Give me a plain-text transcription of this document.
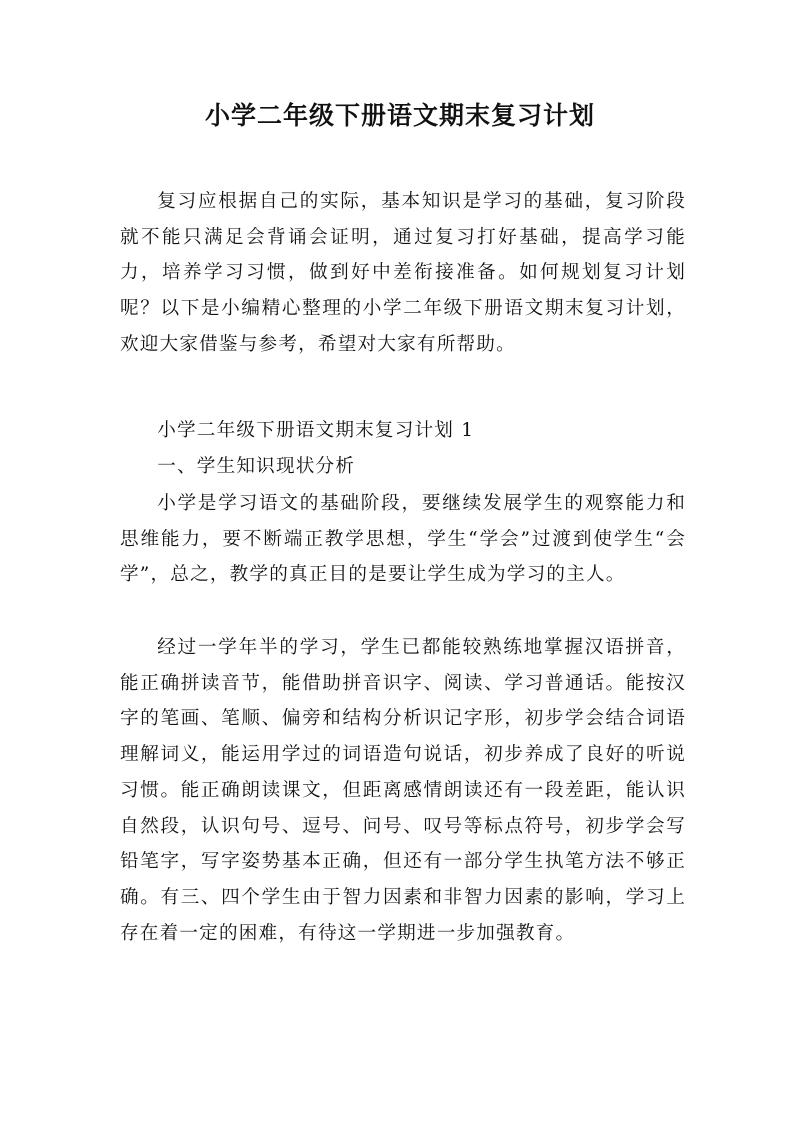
小学二年级下册语文期末复习计划

复习应根据自己的实际，基本知识是学习的基础，复习阶段就不能只满足会背诵会证明，通过复习打好基础，提高学习能力，培养学习习惯，做到好中差衔接准备。如何规划复习计划呢？以下是小编精心整理的小学二年级下册语文期末复习计划，欢迎大家借鉴与参考，希望对大家有所帮助。

小学二年级下册语文期末复习计划 1

一、学生知识现状分析

小学是学习语文的基础阶段，要继续发展学生的观察能力和思维能力，要不断端正教学思想，学生“学会”过渡到使学生“会学”，总之，教学的真正目的是要让学生成为学习的主人。

经过一学年半的学习，学生已都能较熟练地掌握汉语拼音，能正确拼读音节，能借助拼音识字、阅读、学习普通话。能按汉字的笔画、笔顺、偏旁和结构分析识记字形，初步学会结合词语理解词义，能运用学过的词语造句说话，初步养成了良好的听说习惯。能正确朗读课文，但距离感情朗读还有一段差距，能认识自然段，认识句号、逗号、问号、叹号等标点符号，初步学会写铅笔字，写字姿势基本正确，但还有一部分学生执笔方法不够正确。有三、四个学生由于智力因素和非智力因素的影响，学习上存在着一定的困难，有待这一学期进一步加强教育。
